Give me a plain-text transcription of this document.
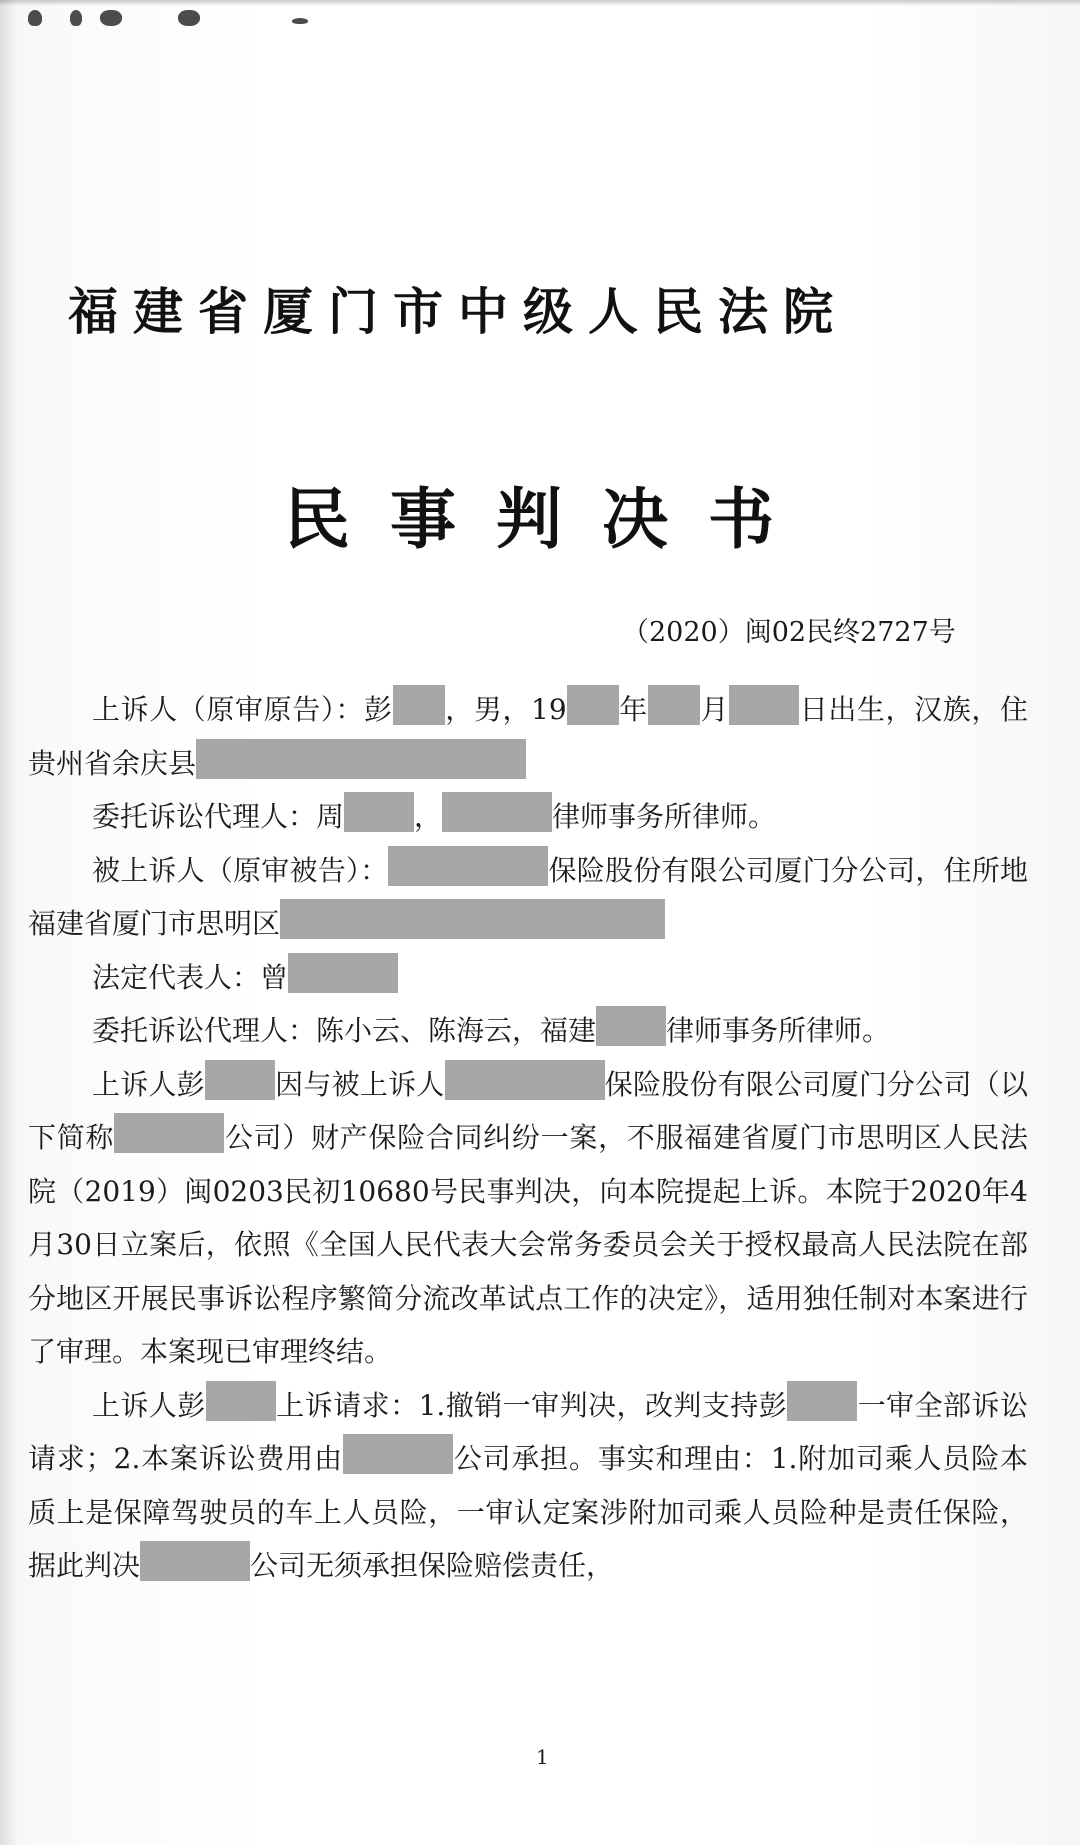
福建省厦门市中级人民法院
民事判决书
（2020）闽02民终2727号

上诉人（原审原告）：彭 ，男，19 年 月	日出生，汉族，住贵州省余庆县

委托诉讼代理人：周	，	律师事务所律师。

被上诉人（原审被告）：	保险股份有限公司厦门分公司，住所地福建省厦门市思明区

法定代表人：曾

委托诉讼代理人：陈小云、陈海云，福建	律师事务所律师。

上诉人彭	因与被上诉人	保险股份有限公司厦门分公司（以下简称	公司）财产保险合同纠纷一案，不服福建省厦门市思明区人民法院（2019）闽0203民初10680号民事判决，向本院提起上诉。本院于2020年4月30日立案后，依照《全国人民代表大会常务委员会关于授权最高人民法院在部分地区开展民事诉讼程序繁简分流改革试点工作的决定》，适用独任制对本案进行了审理。本案现已审理终结。

上诉人彭	上诉请求：1.撤销一审判决，改判支持彭	一审全部诉讼请求；2.本案诉讼费用由	公司承担。事实和理由：1.附加司乘人员险本质上是保障驾驶员的车上人员险，一审认定案涉附加司乘人员险种是责任保险，据此判决	公司无须承担保险赔偿责任，

1
